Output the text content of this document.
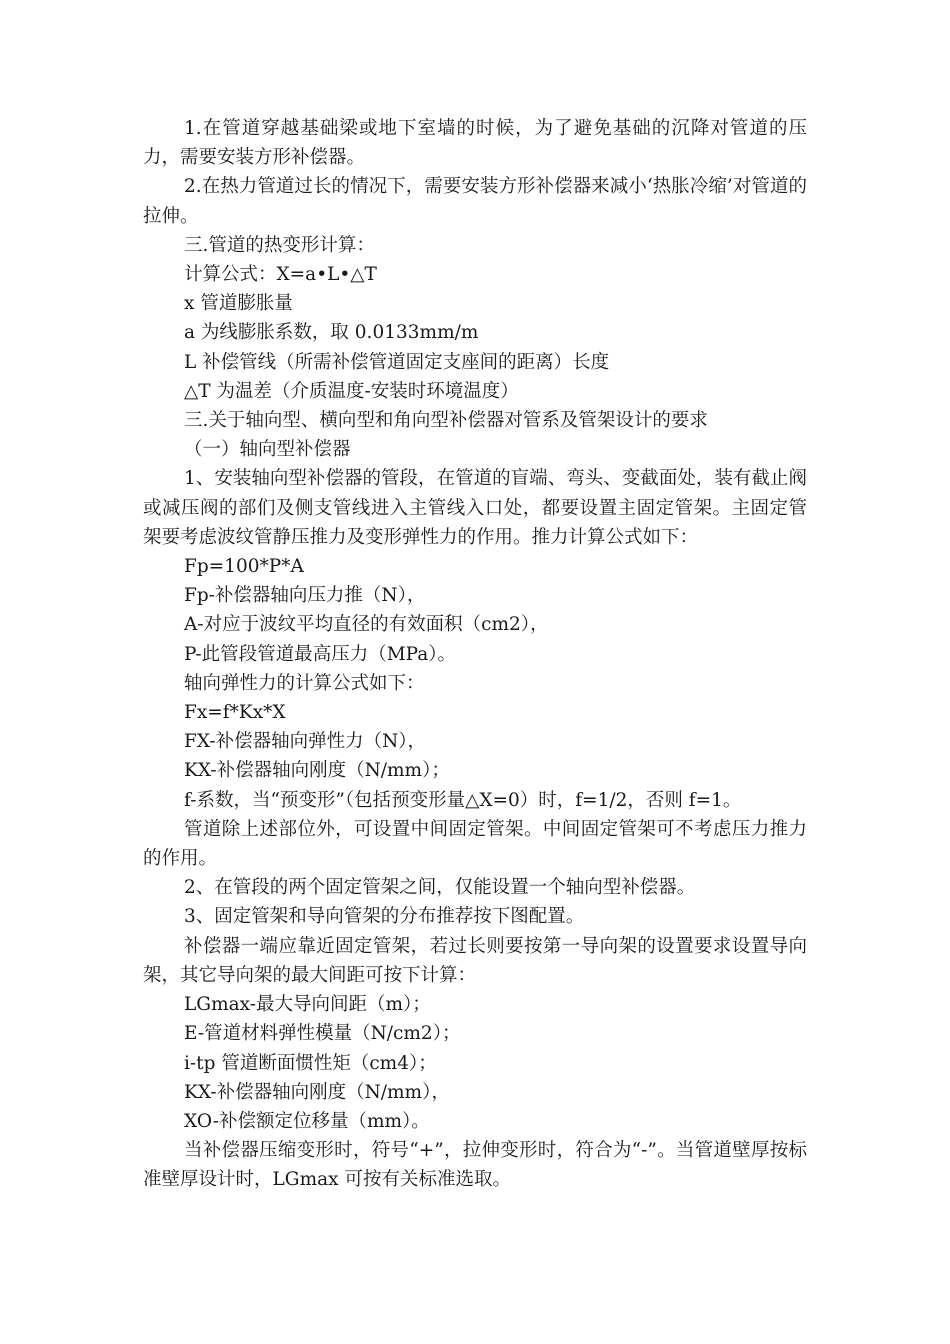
1.在管道穿越基础梁或地下室墙的时候，为了避免基础的沉降对管道的压力，需要安装方形补偿器。

2.在热力管道过长的情况下，需要安装方形补偿器来减小‘热胀冷缩’对管道的拉伸。

三.管道的热变形计算：

计算公式：X=a•L•△T

x 管道膨胀量

a 为线膨胀系数，取 0.0133mm/m

L 补偿管线（所需补偿管道固定支座间的距离）长度

△T 为温差（介质温度-安装时环境温度）

三.关于轴向型、横向型和角向型补偿器对管系及管架设计的要求

（一）轴向型补偿器

1、安装轴向型补偿器的管段，在管道的盲端、弯头、变截面处，装有截止阀或减压阀的部们及侧支管线进入主管线入口处，都要设置主固定管架。主固定管架要考虑波纹管静压推力及变形弹性力的作用。推力计算公式如下：

Fp=100*P*A

Fp-补偿器轴向压力推（N），

A-对应于波纹平均直径的有效面积（cm2），

P-此管段管道最高压力（MPa）。

轴向弹性力的计算公式如下：

Fx=f*Kx*X

FX-补偿器轴向弹性力（N），

KX-补偿器轴向刚度（N/mm）；

f-系数，当“预变形”（包括预变形量△X=0）时，f=1/2，否则 f=1。

管道除上述部位外，可设置中间固定管架。中间固定管架可不考虑压力推力的作用。

2、在管段的两个固定管架之间，仅能设置一个轴向型补偿器。

3、固定管架和导向管架的分布推荐按下图配置。

补偿器一端应靠近固定管架，若过长则要按第一导向架的设置要求设置导向架，其它导向架的最大间距可按下计算：

LGmax-最大导向间距（m）；

E-管道材料弹性模量（N/cm2）；

i-tp 管道断面惯性矩（cm4）；

KX-补偿器轴向刚度（N/mm），

XO-补偿额定位移量（mm）。

当补偿器压缩变形时，符号“+”，拉伸变形时，符合为“-”。当管道壁厚按标准壁厚设计时，LGmax 可按有关标准选取。
